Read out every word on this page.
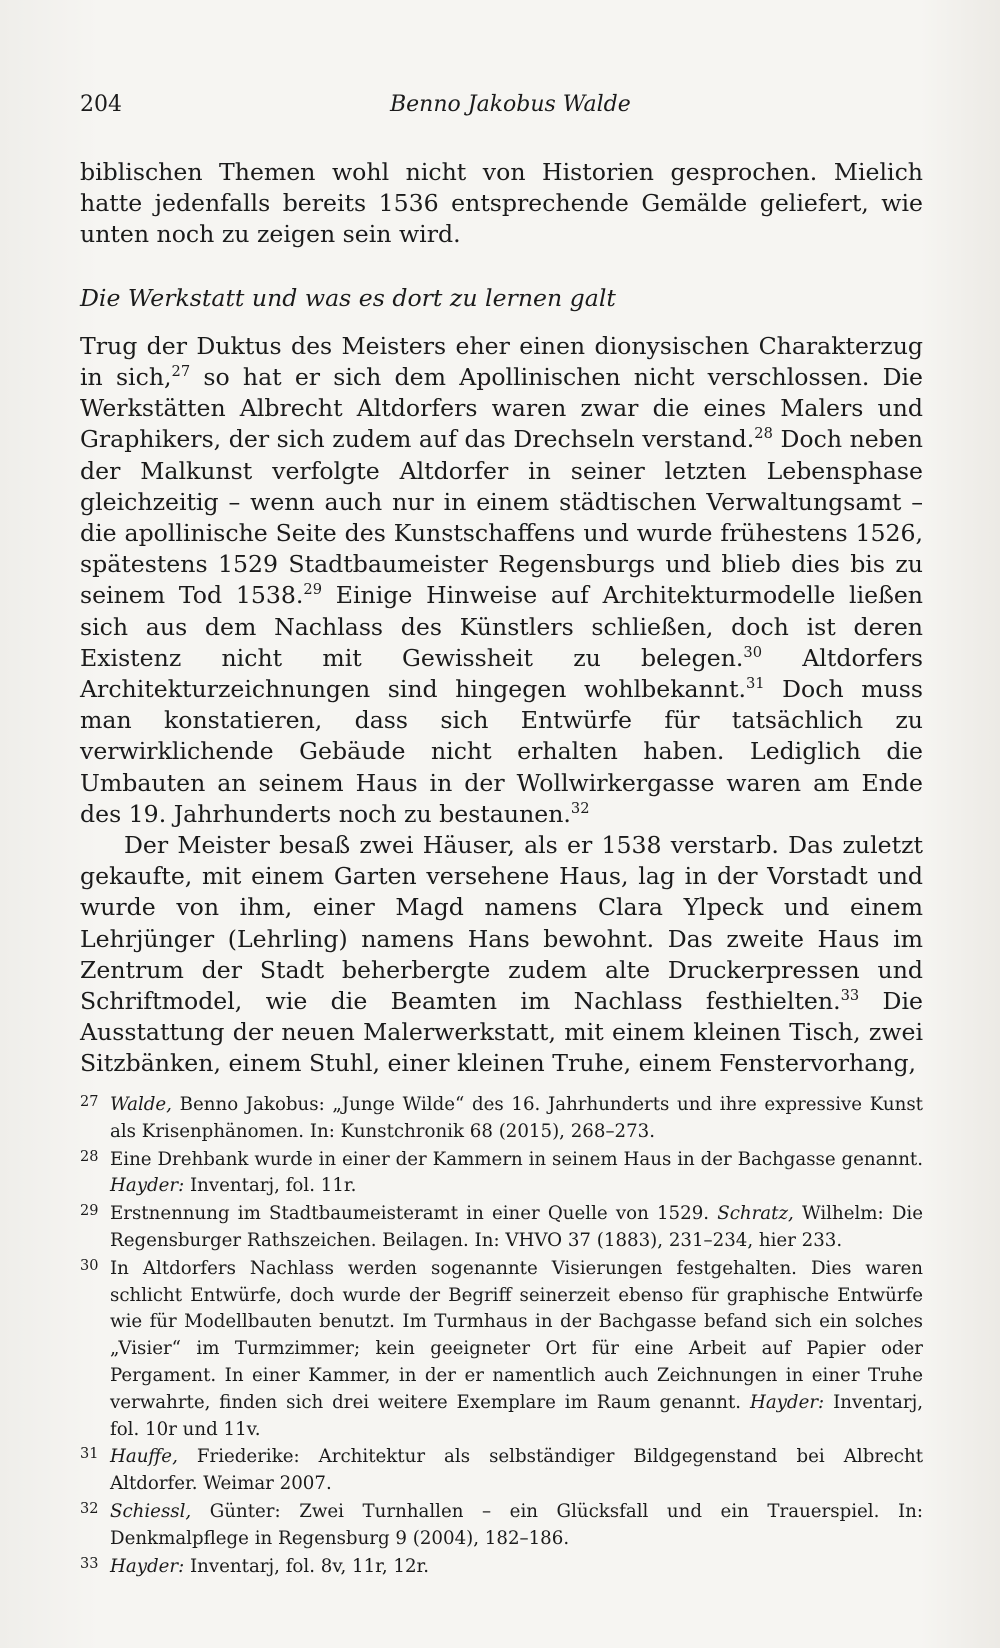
204	Benno Jakobus Walde

biblischen Themen wohl nicht von Historien gesprochen. Mielich hatte jedenfalls bereits 1536 entsprechende Gemälde geliefert, wie unten noch zu zeigen sein wird.

Die Werkstatt und was es dort zu lernen galt

Trug der Duktus des Meisters eher einen dionysischen Charakterzug in sich,$^{27}$ so hat er sich dem Apollinischen nicht verschlossen. Die Werkstätten Albrecht Altdorfers waren zwar die eines Malers und Graphikers, der sich zudem auf das Drechseln verstand.$^{28}$ Doch neben der Malkunst verfolgte Altdorfer in seiner letzten Lebensphase gleichzeitig – wenn auch nur in einem städtischen Verwaltungsamt – die apollinische Seite des Kunstschaffens und wurde frühestens 1526, spätestens 1529 Stadtbaumeister Regensburgs und blieb dies bis zu seinem Tod 1538.29 Einige Hinweise auf Architekturmodelle ließen sich aus dem Nachlass des Künstlers schließen, doch ist deren Existenz nicht mit Gewissheit zu belegen.$^{30}$ Altdorfers Architekturzeichnungen sind hingegen wohlbekannt.$^{31}$ Doch muss man konstatieren, dass sich Entwürfe für tatsächlich zu verwirklichende Gebäude nicht erhalten haben. Lediglich die Umbauten an seinem Haus in der Wollwirkergasse waren am Ende des 19. Jahrhunderts noch zu bestaunen.$^{32}$

Der Meister besaß zwei Häuser, als er 1538 verstarb. Das zuletzt gekaufte, mit einem Garten versehene Haus, lag in der Vorstadt und wurde von ihm, einer Magd namens Clara Ylpeck und einem Lehrjünger (Lehrling) namens Hans bewohnt. Das zweite Haus im Zentrum der Stadt beherbergte zudem alte Druckerpressen und Schriftmodel, wie die Beamten im Nachlass festhielten.$^{33}$ Die Ausstattung der neuen Malerwerkstatt, mit einem kleinen Tisch, zwei Sitzbänken, einem Stuhl, einer kleinen Truhe, einem Fenstervorhang,

27 Walde, Benno Jakobus: „Junge Wilde“ des 16. Jahrhunderts und ihre expressive Kunst als Krisenphänomen. In: Kunstchronik 68 (2015), 268–273.
28 Eine Drehbank wurde in einer der Kammern in seinem Haus in der Bachgasse genannt. Hayder: Inventarj, fol. 11r.
29 Erstnennung im Stadtbaumeisteramt in einer Quelle von 1529. Schratz, Wilhelm: Die Regensburger Rathszeichen. Beilagen. In: VHVO 37 (1883), 231–234, hier 233.
30 In Altdorfers Nachlass werden sogenannte Visierungen festgehalten. Dies waren schlicht Entwürfe, doch wurde der Begriff seinerzeit ebenso für graphische Entwürfe wie für Modellbauten benutzt. Im Turmhaus in der Bachgasse befand sich ein solches „Visier“ im Turmzimmer; kein geeigneter Ort für eine Arbeit auf Papier oder Pergament. In einer Kammer, in der er namentlich auch Zeichnungen in einer Truhe verwahrte, finden sich drei weitere Exemplare im Raum genannt. Hayder: Inventarj, fol. 10r und 11v.
31 Hauffe, Friederike: Architektur als selbständiger Bildgegenstand bei Albrecht Altdorfer. Weimar 2007.
32 Schiessl, Günter: Zwei Turnhallen – ein Glücksfall und ein Trauerspiel. In: Denkmalpflege in Regensburg 9 (2004), 182–186.
33 Hayder: Inventarj, fol. 8v, 11r, 12r.
